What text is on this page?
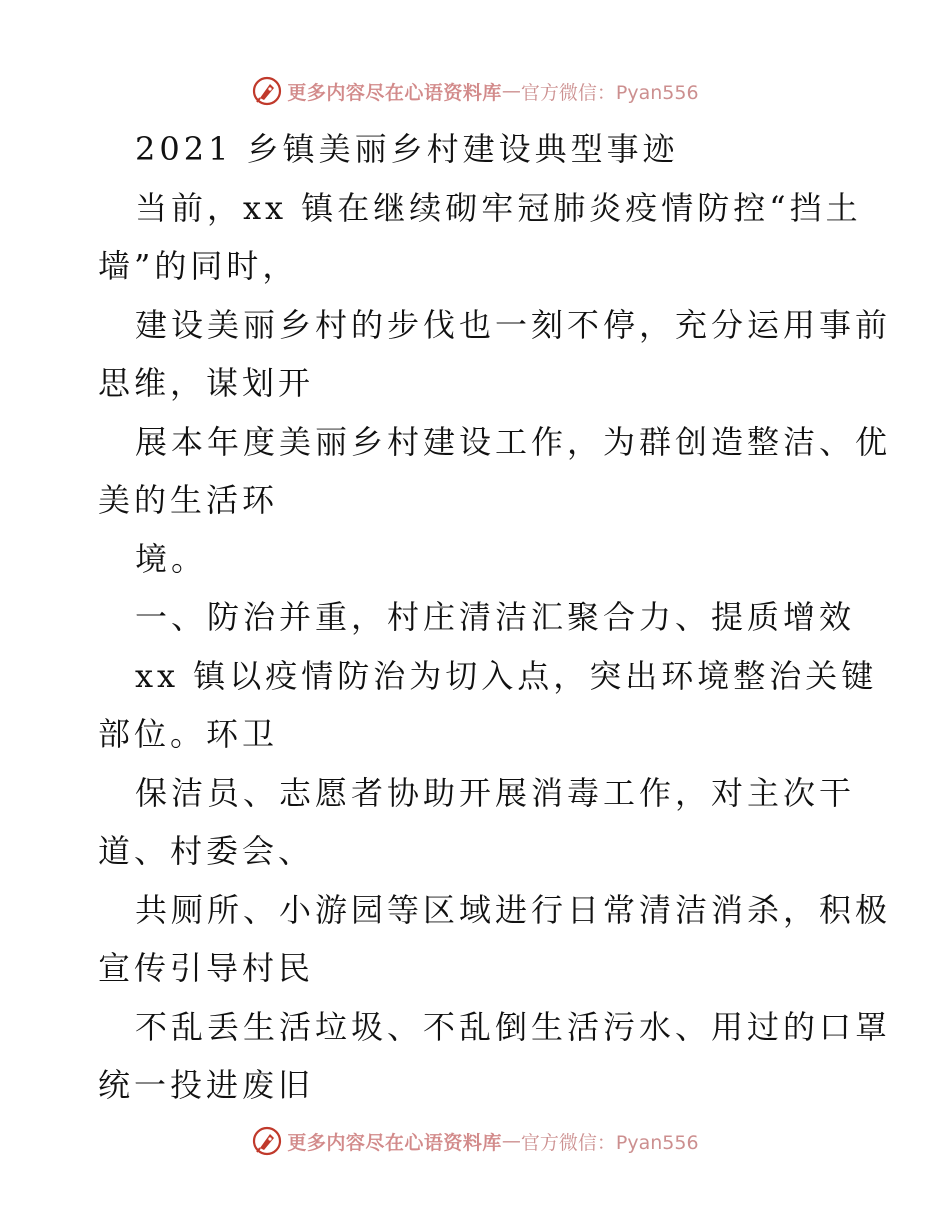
更多内容尽在心语资料库 — 官方微信：Pyan556
2021 乡镇美丽乡村建设典型事迹
当前，xx 镇在继续砌牢冠肺炎疫情防控“挡土
墙”的同时，
建设美丽乡村的步伐也一刻不停，充分运用事前
思维，谋划开
展本年度美丽乡村建设工作，为群创造整洁、优
美的生活环
境。
一、防治并重，村庄清洁汇聚合力、提质增效
xx 镇以疫情防治为切入点，突出环境整治关键
部位。环卫
保洁员、志愿者协助开展消毒工作，对主次干
道、村委会、
共厕所、小游园等区域进行日常清洁消杀，积极
宣传引导村民
不乱丢生活垃圾、不乱倒生活污水、用过的口罩
统一投进废旧
更多内容尽在心语资料库 — 官方微信：Pyan556
